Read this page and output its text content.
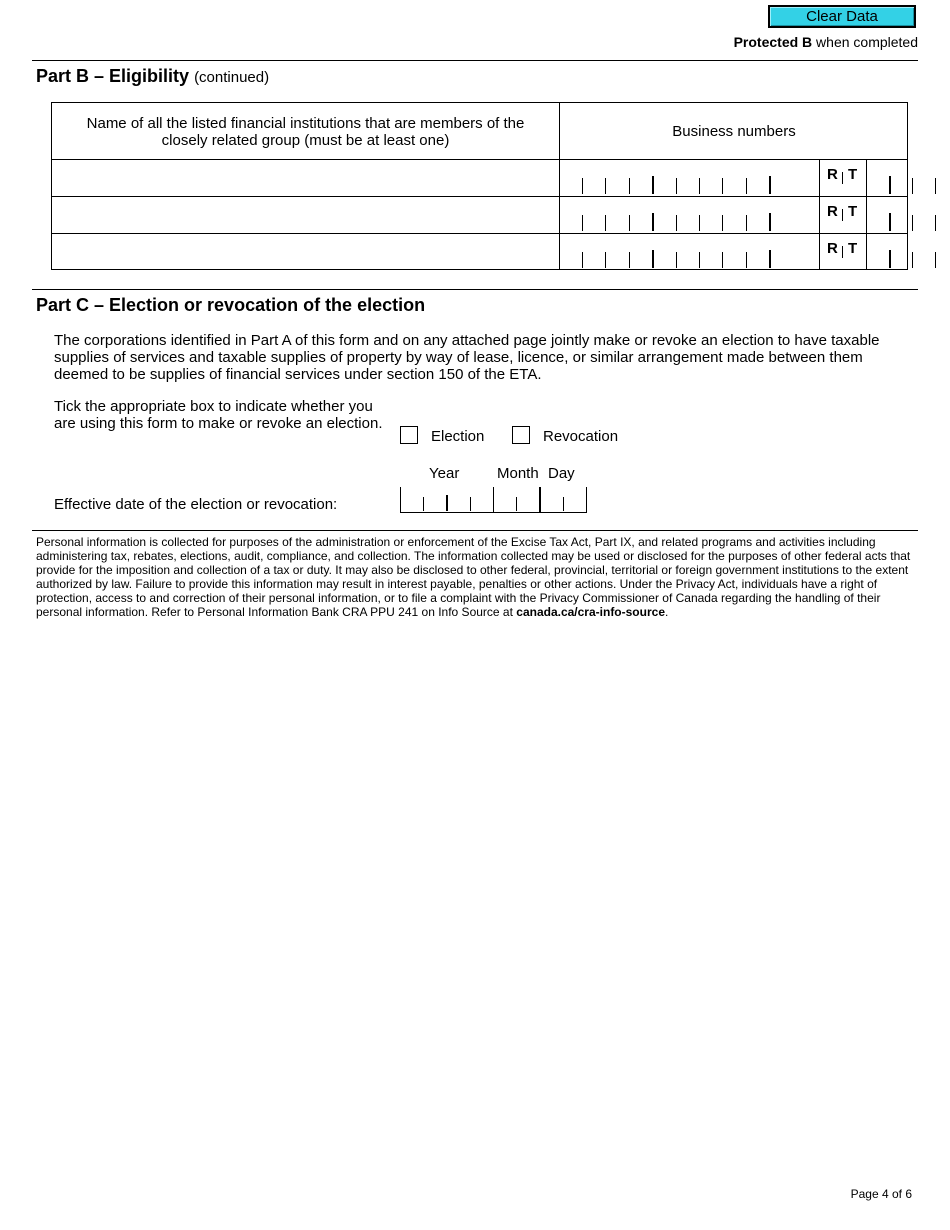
Clear Data
Protected B when completed
Part B – Eligibility (continued)
Name of all the listed financial institutions that are members of the closely related group (must be at least one)	Business numbers
R T
R T
R T
Part C – Election or revocation of the election
The corporations identified in Part A of this form and on any attached page jointly make or revoke an election to have taxable supplies of services and taxable supplies of property by way of lease, licence, or similar arrangement made between them deemed to be supplies of financial services under section 150 of the ETA.
Tick the appropriate box to indicate whether you are using this form to make or revoke an election.
Election	Revocation
Year	Month Day
Effective date of the election or revocation:
Personal information is collected for purposes of the administration or enforcement of the Excise Tax Act, Part IX, and related programs and activities including administering tax, rebates, elections, audit, compliance, and collection. The information collected may be used or disclosed for the purposes of other federal acts that provide for the imposition and collection of a tax or duty. It may also be disclosed to other federal, provincial, territorial or foreign government institutions to the extent authorized by law. Failure to provide this information may result in interest payable, penalties or other actions. Under the Privacy Act, individuals have a right of protection, access to and correction of their personal information, or to file a complaint with the Privacy Commissioner of Canada regarding the handling of their personal information. Refer to Personal Information Bank CRA PPU 241 on Info Source at canada.ca/cra-info-source.
Page 4 of 6
